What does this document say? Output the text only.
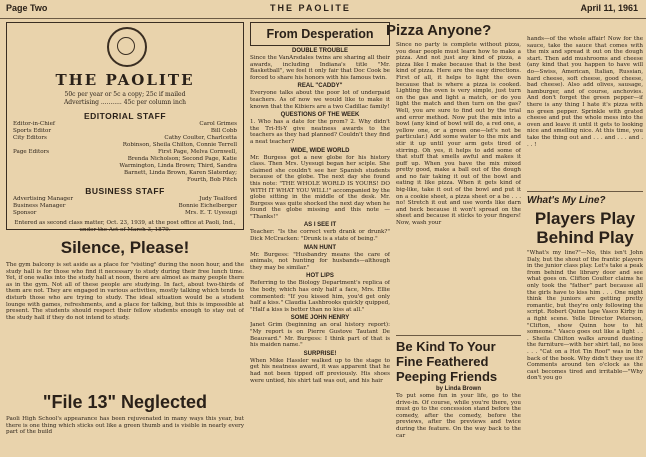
Page Two	THE PAOLITE	April 11, 1961
THE PAOLITE
50c per year or 5c a copy; 25c if mailed
Advertising ........... 45c per column inch
EDITORIAL STAFF
Editor-in-Chief	Carol Grimes
Sports Editor	Bill Cobb
City Editors	Cathy Coulter, Charlcetta
Robinson, Sheila Chilton, Connie Terrell
Page Editors	First Page, Melva Cornwell,
Brenda Nicholson; Second Page, Katie
Warmington, Linda Brown; Third, Sandra
Barnett, Linda Brown, Karen Slaterday;
Fourth, Bob Pitch
BUSINESS STAFF
Advertising Manager	Judy Tealford
Business Manager	Bonnie Eichelberger
Sponsor	Mrs. E. T. Uyesugi
Entered as second class matter, Oct. 23, 1939, at the post office at Paoli, Ind., under the Act of March 3, 1879.
Silence, Please!
The gym balcony is set aside as a place for "visiting" during the noon hour, and the study hall is for those who find it necessary to study during their free lunch time. Yet, if one walks into the study hall at noon, there are almost as many people there as in the gym. Not all of these people are studying. In fact, about two-thirds of them are not. They are engaged in various activities, mostly talking which tends to disturb those who are trying to study. The ideal situation would be a student lounge with games, refreshments, and a place for talking, but this is impossible at present. The students should respect their fellow students enough to stay out of the study hall if they do not intend to study.
"File 13" Neglected
Paoli High School's appearance has been rejuvenated in many ways this year, but there is one thing which sticks out like a green thumb and is visible in nearly every part of the build
From Desperation
DOUBLE TROUBLE
Since the VanArsdales twins are sharing all their awards, including Indiana's title "Mr. Basketball", we feel it only fair that Doc Cook be forced to share his honors with his famous twin.
REAL "CADDY"
Everyone talks about the poor lot of underpaid teachers. As of now we would like to make it known that the Kibiers are a two Cadillac family!
QUESTIONS OF THE WEEK
1. Who has a date for the prom? 2. Why didn't the Tri-Hi-Y give neatness awards to the teachers as they had planned? Couldn't they find a neat teacher?
WIDE, WIDE WORLD
Mr. Burgess got a new globe for his history class. Then Mrs. Uyesugi began her sciple. She claimed she couldn't see her Spanish students because of the globe. The next day she found this note: "THE WHOLE WORLD IS YOURS! DO WITH IT WHAT YOU WILL!" accompanied by the globe sitting in the middle of the desk. Mr. Burgess was quite shocked the next day when he found the globe missing and this note — "Thanks!"
AS I SEE IT
Teacher: "Is the correct verb drank or drunk?" Dick McCracken: "Drunk is a state of being."
MAN HUNT
Mr. Burgess: "Husbandry means the care of animals, not hunting for husbands—although they may be similar."
HOT LIPS
Referring to the Biology Department's replica of the body, which has only half a face, Mrs. Ellie commented: "If you kissed him, you'd get only half a kiss." Claudia Lashbrooks quickly quipped, "Half a kiss is better than no kiss at all."
SOME JOHN HENRY
Janet Grim (beginning an oral history report): "My report is on Pierre Gustove Tautant De Beauvard." Mr. Burgess: I think part of that is his maiden name."
SURPRISE!
When Mike Hassler walked up to the stage to get his neatness award, it was apparent that he had not been tipped off previously. His shoes were untied, his shirt tail was out, and his hair
Pizza Anyone?
Since no party is complete without pizza, you dear people must learn how to make a pizza. And not just any kind of pizza, a pizza like I make because that is the best kind of pizza. Here are the easy directions. First of all, it helps to light the oven because that is where a pizza is cooked. Lighting the oven is very simple, just turn on the gas and light a match, or do you light the match and then turn on the gas? Well, you are sure to find out by the trial and error method. Now put the mix into a bowl (any kind of bowl will do, a red one, a yellow one, or a green one—let's not be particular.) Add some water to the mix and stir it up until your arm gets tired of stirring. Oh yes, it helps to add some of that stuff that smells awful and makes it puff up. When you have the mix mixed pretty good, make a ball out of the dough and no fair taking it out of the bowl and eating it like pizza. When it gets kind of big-like, take it out of the bowl and put it on a cookie sheet, a pizza sheet or a be . . . no! Stretch it out and use words like darn and heck because it won't spread on the sheet and because it sticks to your fingers! Now, wash your
Be Kind To Your Fine Feathered Peeping Friends
by Linda Brown
To put some fun in your life, go to the drive-in. Of course, while you're there, you must go to the concession stand before the comedy, after the comedy, before the previews, after the previews and twice during the feature. On the way back to the car
hands—of the whole affair! Now for the sauce, take the sauce that comes with the mix and spread it out on the dough start. Then add mushrooms and cheese (any kind that you happen to have will do—Swiss, American, Italian, Russian, hard cheese, soft cheese, good cheese, bad cheese). Also add olives, sausage, hamburger, and of course, anchovies. And don't forget the green pepper—if there is any thing I hate it's pizza with no green pepper. Sprinkle with grated cheese and put the whole mess into the oven and leave it until it gets to looking nice and smelling nice. At this time, you take the thing out and . . . and . . . and . . . !
What's My Line?
Players Play Behind Play
"What's my line?"—No, this isn't John Daly, but the shout of the frantic players in the junior class play. Let's take a peak from behind the library door and see what goes on. Clifton Coulter claims he only took the "father" part because all the girls have to kiss him . . . One night think the juniors are getting pretty romantic, but they're only following the script. Robert Quinn tape Vasco Kirby in a fight scene. Yelle Director Peterson, "Clifton, show Quinn how to hit someone." Vasco goes out like a light . . . Sheila Chilton walks around dusting the furniture—with her shirt tail, no less . . . "Cat on a Hot Tin Roof" was in the back of the book. Why didn't they use it? Comments around ten o'clock as the cast becomes tired and irritable—"Why don't you go
